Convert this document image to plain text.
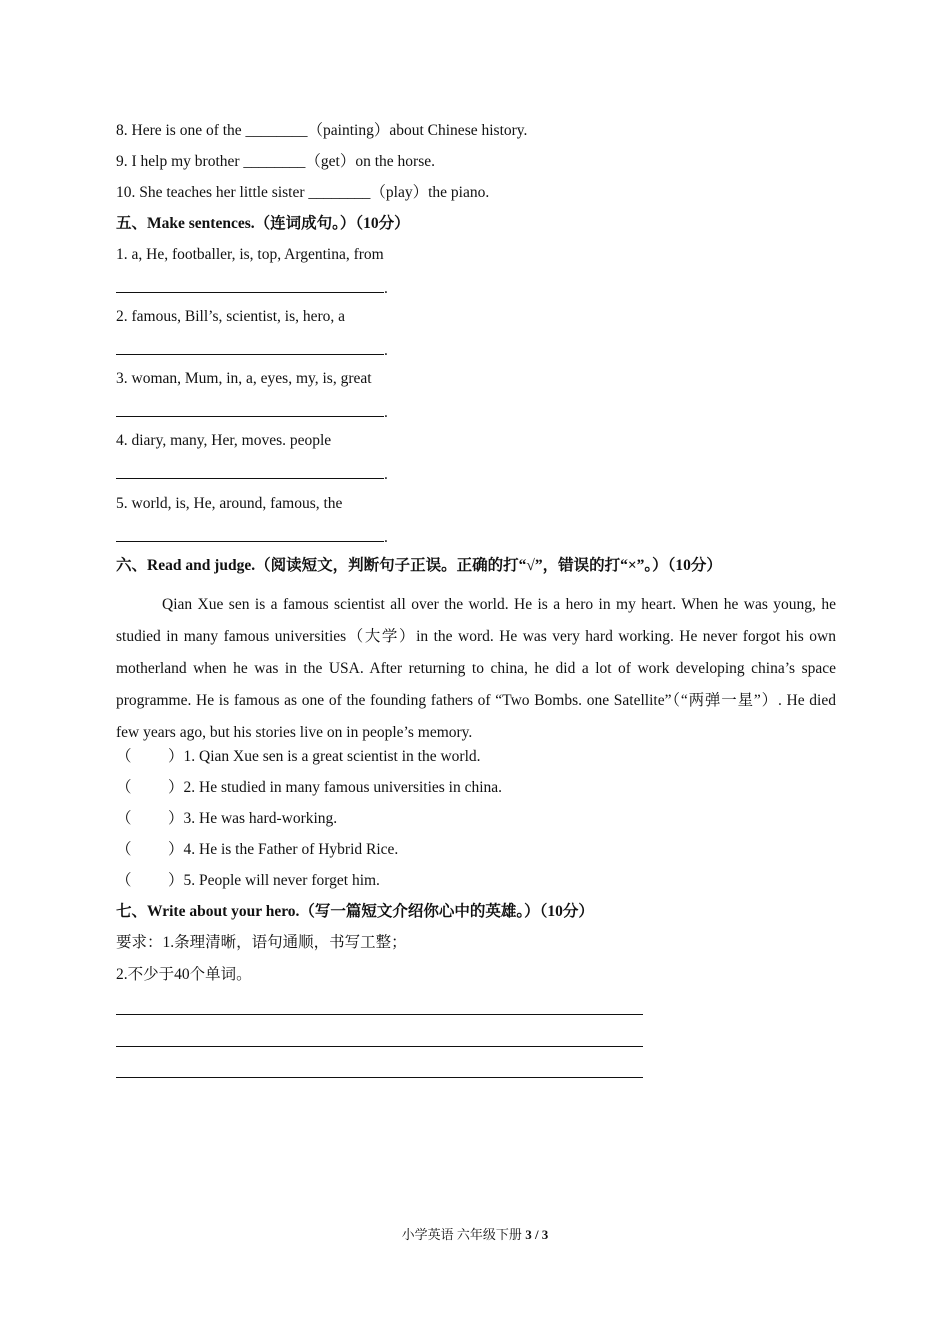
8. Here is one of the ________（painting）about Chinese history.
9. I help my brother ________（get）on the horse.
10. She teaches her little sister ________（play）the piano.
五、Make sentences.（连词成句。）（10分）
1. a, He, footballer, is, top, Argentina, from
.
2. famous, Bill’s, scientist, is, hero, a
.
3. woman, Mum, in, a, eyes, my, is, great
.
4. diary, many, Her, moves. people
.
5. world, is, He, around, famous, the
.
六、Read and judge.（阅读短文，判断句子正误。正确的打“√”，错误的打“×”。）（10分）
Qian Xue sen is a famous scientist all over the world. He is a hero in my heart. When he was young, he studied in many famous universities（大学）in the word. He was very hard working. He never forgot his own motherland when he was in the USA. After returning to china, he did a lot of work developing china’s space programme. He is famous as one of the founding fathers of “Two Bombs. one Satellite”（“两弹一星”）. He died few years ago, but his stories live on in people’s memory.
（ ）1. Qian Xue sen is a great scientist in the world.
（ ）2. He studied in many famous universities in china.
（ ）3. He was hard-working.
（ ）4. He is the Father of Hybrid Rice.
（ ）5. People will never forget him.
七、Write about your hero.（写一篇短文介绍你心中的英雄。）（10分）
要求：1.条理清晰，语句通顺，书写工整；
2.不少于40个单词。
小学英语 六年级下册 3 / 3
